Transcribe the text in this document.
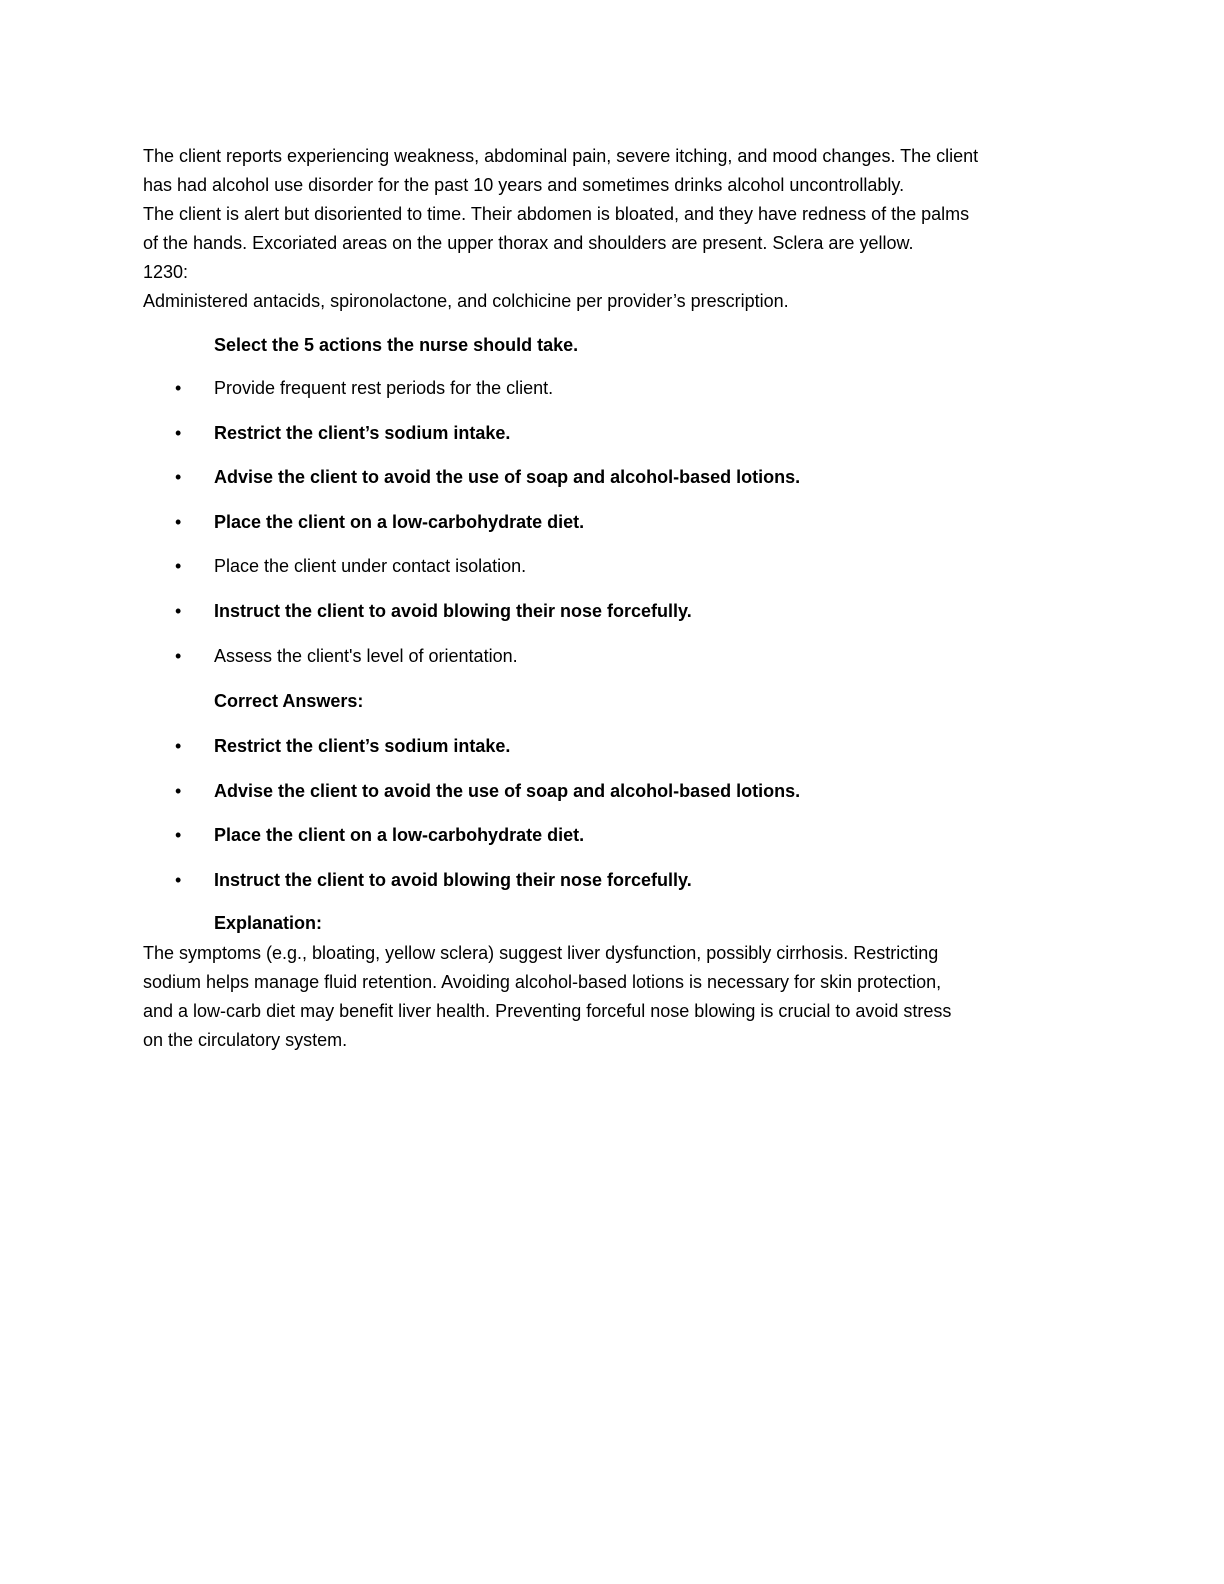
The client reports experiencing weakness, abdominal pain, severe itching, and mood changes. The client
has had alcohol use disorder for the past 10 years and sometimes drinks alcohol uncontrollably.
The client is alert but disoriented to time. Their abdomen is bloated, and they have redness of the palms
of the hands. Excoriated areas on the upper thorax and shoulders are present. Sclera are yellow.
1230:
Administered antacids, spironolactone, and colchicine per provider’s prescription.

Select the 5 actions the nurse should take.

• Provide frequent rest periods for the client.
• Restrict the client’s sodium intake.
• Advise the client to avoid the use of soap and alcohol-based lotions.
• Place the client on a low-carbohydrate diet.
• Place the client under contact isolation.
• Instruct the client to avoid blowing their nose forcefully.
• Assess the client's level of orientation.

Correct Answers:

• Restrict the client’s sodium intake.
• Advise the client to avoid the use of soap and alcohol-based lotions.
• Place the client on a low-carbohydrate diet.
• Instruct the client to avoid blowing their nose forcefully.

Explanation:

The symptoms (e.g., bloating, yellow sclera) suggest liver dysfunction, possibly cirrhosis. Restricting
sodium helps manage fluid retention. Avoiding alcohol-based lotions is necessary for skin protection,
and a low-carb diet may benefit liver health. Preventing forceful nose blowing is crucial to avoid stress
on the circulatory system.
